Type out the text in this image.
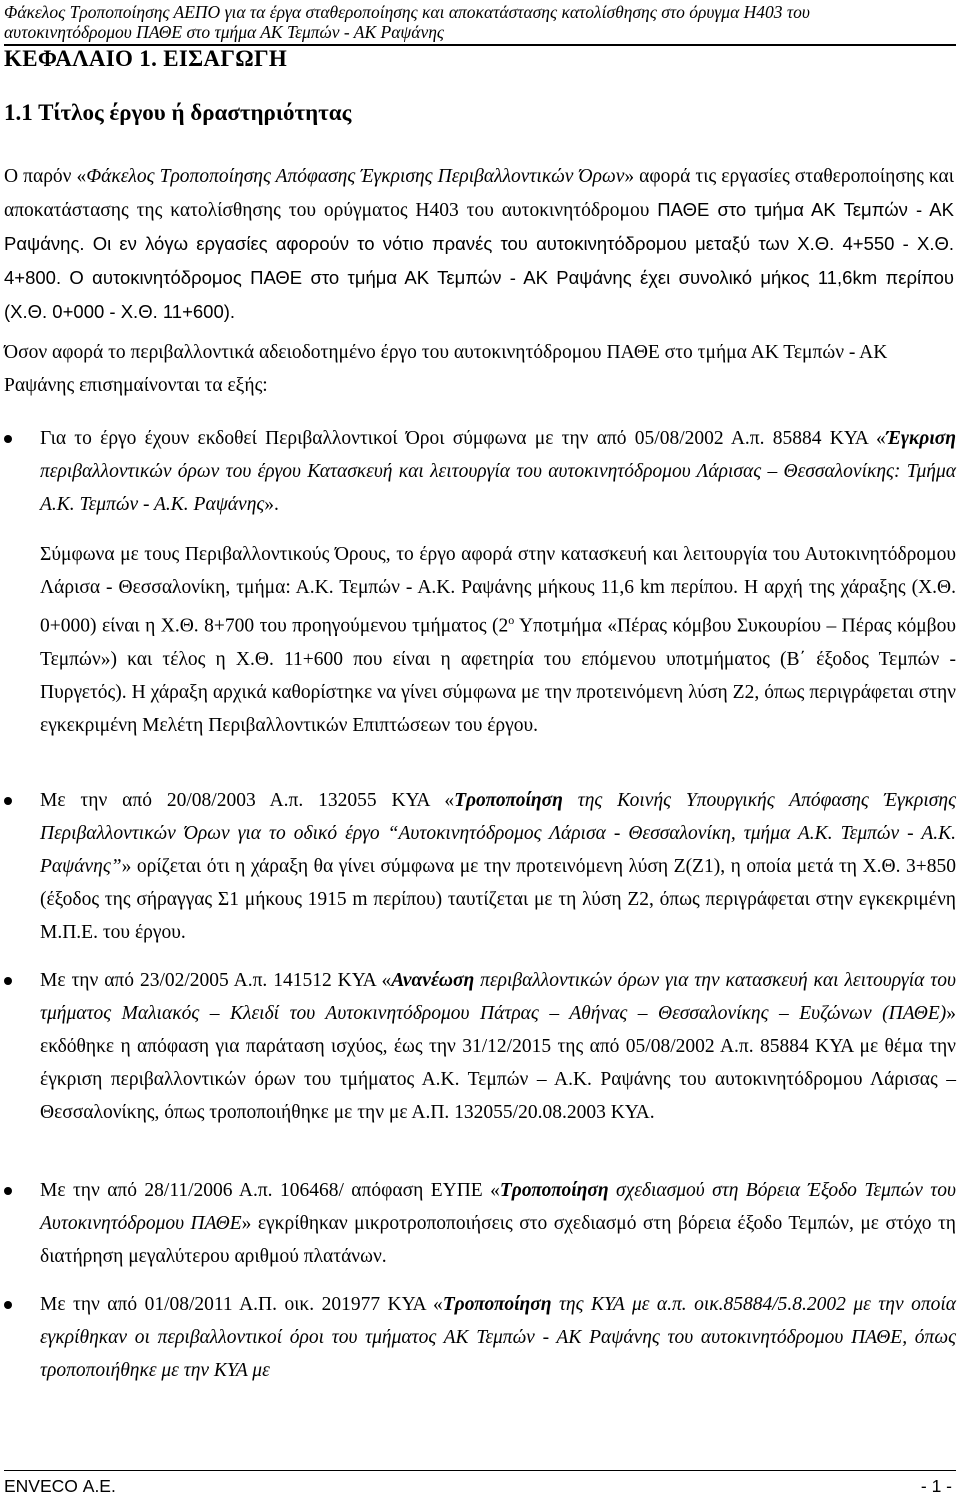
Φάκελος Τροποποίησης ΑΕΠΟ για τα έργα σταθεροποίησης και αποκατάστασης κατολίσθησης στο όρυγμα Η403 του
αυτοκινητόδρομου ΠΑΘΕ στο τμήμα ΑΚ Τεμπών - ΑΚ Ραψάνης
ΚΕΦΑΛΑΙΟ 1. ΕΙΣΑΓΩΓΗ
1.1 Τίτλος έργου ή δραστηριότητας
Ο παρόν «Φάκελος Τροποποίησης Απόφασης Έγκρισης Περιβαλλοντικών Όρων» αφορά τις εργασίες σταθεροποίησης και αποκατάστασης της κατολίσθησης του ορύγματος Η403 του αυτοκινητόδρομου ΠΑΘΕ στο τμήμα ΑΚ Τεμπών - ΑΚ Ραψάνης. Οι εν λόγω εργασίες αφορούν το νότιο πρανές του αυτοκινητόδρομου μεταξύ των Χ.Θ. 4+550 - Χ.Θ. 4+800. Ο αυτοκινητόδρομος ΠΑΘΕ στο τμήμα ΑΚ Τεμπών - ΑΚ Ραψάνης έχει συνολικό μήκος 11,6km περίπου (Χ.Θ. 0+000 - Χ.Θ. 11+600).
Όσον αφορά το περιβαλλοντικά αδειοδοτημένο έργο του αυτοκινητόδρομου ΠΑΘΕ στο τμήμα ΑΚ Τεμπών - ΑΚ Ραψάνης επισημαίνονται τα εξής:
Για το έργο έχουν εκδοθεί Περιβαλλοντικοί Όροι σύμφωνα με την από 05/08/2002 Α.π. 85884 ΚΥΑ «Έγκριση περιβαλλοντικών όρων του έργου Κατασκευή και λειτουργία του αυτοκινητόδρομου Λάρισας – Θεσσαλονίκης: Τμήμα Α.Κ. Τεμπών - Α.Κ. Ραψάνης».
Σύμφωνα με τους Περιβαλλοντικούς Όρους, το έργο αφορά στην κατασκευή και λειτουργία του Αυτοκινητόδρομου Λάρισα - Θεσσαλονίκη, τμήμα: Α.Κ. Τεμπών - Α.Κ. Ραψάνης μήκους 11,6 km περίπου. Η αρχή της χάραξης (Χ.Θ. 0+000) είναι η Χ.Θ. 8+700 του προηγούμενου τμήματος ($2^o$ Υποτμήμα «Πέρας κόμβου Συκουρίου – Πέρας κόμβου Τεμπών») και τέλος η Χ.Θ. 11+600 που είναι η αφετηρία του επόμενου υποτμήματος (Β΄ έξοδος Τεμπών - Πυργετός). Η χάραξη αρχικά καθορίστηκε να γίνει σύμφωνα με την προτεινόμενη λύση Ζ2, όπως περιγράφεται στην εγκεκριμένη Μελέτη Περιβαλλοντικών Επιπτώσεων του έργου.
Με την από 20/08/2003 Α.π. 132055 ΚΥΑ «Τροποποίηση της Κοινής Υπουργικής Απόφασης Έγκρισης Περιβαλλοντικών Όρων για το οδικό έργο “Αυτοκινητόδρομος Λάρισα - Θεσσαλονίκη, τμήμα Α.Κ. Τεμπών - Α.Κ. Ραψάνης”» ορίζεται ότι η χάραξη θα γίνει σύμφωνα με την προτεινόμενη λύση Ζ(Ζ1), η οποία μετά τη Χ.Θ. 3+850 (έξοδος της σήραγγας Σ1 μήκους 1915 m περίπου) ταυτίζεται με τη λύση Ζ2, όπως περιγράφεται στην εγκεκριμένη Μ.Π.Ε. του έργου.
Με την από 23/02/2005 Α.π. 141512 ΚΥΑ «Ανανέωση περιβαλλοντικών όρων για την κατασκευή και λειτουργία του τμήματος Μαλιακός – Κλειδί του Αυτοκινητόδρομου Πάτρας – Αθήνας – Θεσσαλονίκης – Ευζώνων (ΠΑΘΕ)» εκδόθηκε η απόφαση για παράταση ισχύος, έως την 31/12/2015 της από 05/08/2002 Α.π. 85884 ΚΥΑ με θέμα την έγκριση περιβαλλοντικών όρων του τμήματος Α.Κ. Τεμπών – Α.Κ. Ραψάνης του αυτοκινητόδρομου Λάρισας – Θεσσαλονίκης, όπως τροποποιήθηκε με την με Α.Π. 132055/20.08.2003 ΚΥΑ.
Με την από 28/11/2006 Α.π. 106468/ απόφαση ΕΥΠΕ «Τροποποίηση σχεδιασμού στη Βόρεια Έξοδο Τεμπών του Αυτοκινητόδρομου ΠΑΘΕ» εγκρίθηκαν μικροτροποποιήσεις στο σχεδιασμό στη βόρεια έξοδο Τεμπών, με στόχο τη διατήρηση μεγαλύτερου αριθμού πλατάνων.
Με την από 01/08/2011 Α.Π. οικ. 201977 ΚΥΑ «Τροποποίηση της ΚΥΑ με α.π. οικ.85884/5.8.2002 με την οποία εγκρίθηκαν οι περιβαλλοντικοί όροι του τμήματος ΑΚ Τεμπών - ΑΚ Ραψάνης του αυτοκινητόδρομου ΠΑΘΕ, όπως τροποποιήθηκε με την ΚΥΑ με
ENVECO Α.Ε.	- 1 -
